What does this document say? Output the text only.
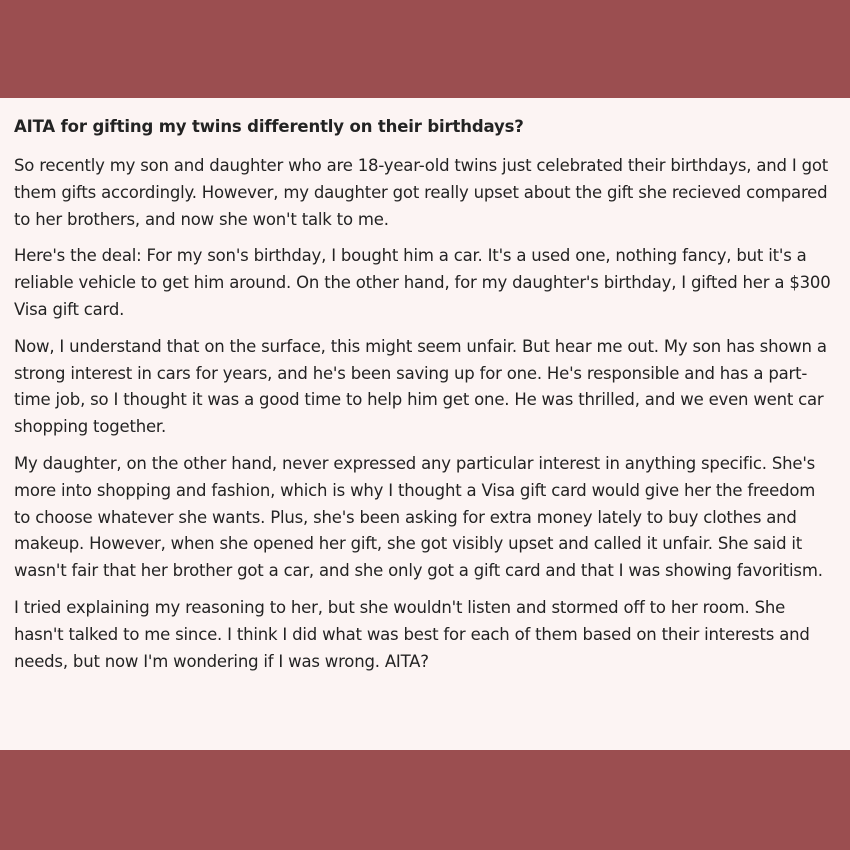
AITA for gifting my twins differently on their birthdays?

So recently my son and daughter who are 18-year-old twins just celebrated their birthdays, and I got them gifts accordingly. However, my daughter got really upset about the gift she recieved compared to her brothers, and now she won't talk to me.

Here's the deal: For my son's birthday, I bought him a car. It's a used one, nothing fancy, but it's a reliable vehicle to get him around. On the other hand, for my daughter's birthday, I gifted her a $300 Visa gift card.

Now, I understand that on the surface, this might seem unfair. But hear me out. My son has shown a strong interest in cars for years, and he's been saving up for one. He's responsible and has a part-time job, so I thought it was a good time to help him get one. He was thrilled, and we even went car shopping together.

My daughter, on the other hand, never expressed any particular interest in anything specific. She's more into shopping and fashion, which is why I thought a Visa gift card would give her the freedom to choose whatever she wants. Plus, she's been asking for extra money lately to buy clothes and makeup. However, when she opened her gift, she got visibly upset and called it unfair. She said it wasn't fair that her brother got a car, and she only got a gift card and that I was showing favoritism.

I tried explaining my reasoning to her, but she wouldn't listen and stormed off to her room. She hasn't talked to me since. I think I did what was best for each of them based on their interests and needs, but now I'm wondering if I was wrong. AITA?
